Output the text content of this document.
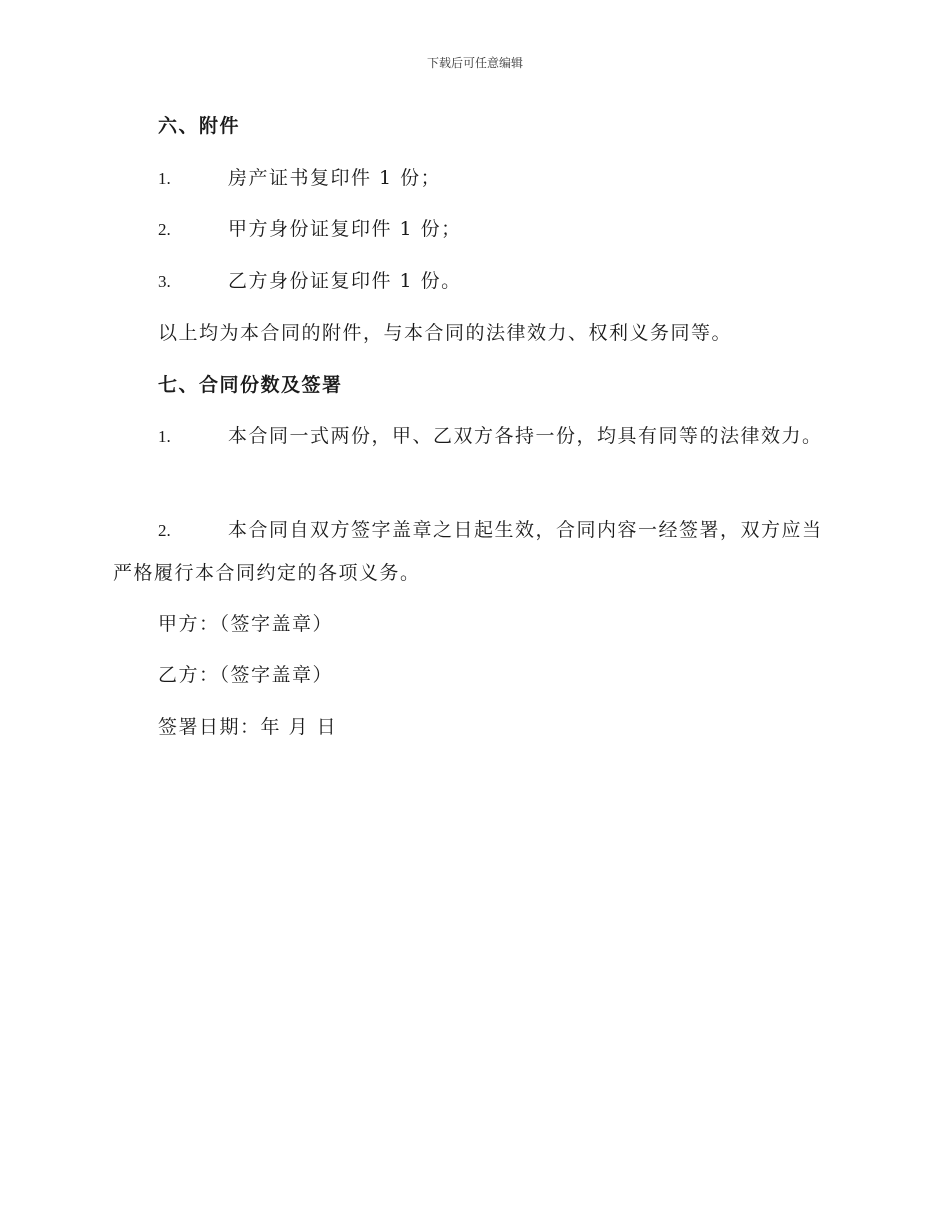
下载后可任意编辑
六、附件
1.	房产证书复印件 1 份；
2.	甲方身份证复印件 1 份；
3.	乙方身份证复印件 1 份。
以上均为本合同的附件，与本合同的法律效力、权利义务同等。
七、合同份数及签署
1.	本合同一式两份，甲、乙双方各持一份，均具有同等的法律效力。
2.	本合同自双方签字盖章之日起生效，合同内容一经签署，双方应当严格履行本合同约定的各项义务。
甲方：（签字盖章）
乙方：（签字盖章）
签署日期：年 月 日
